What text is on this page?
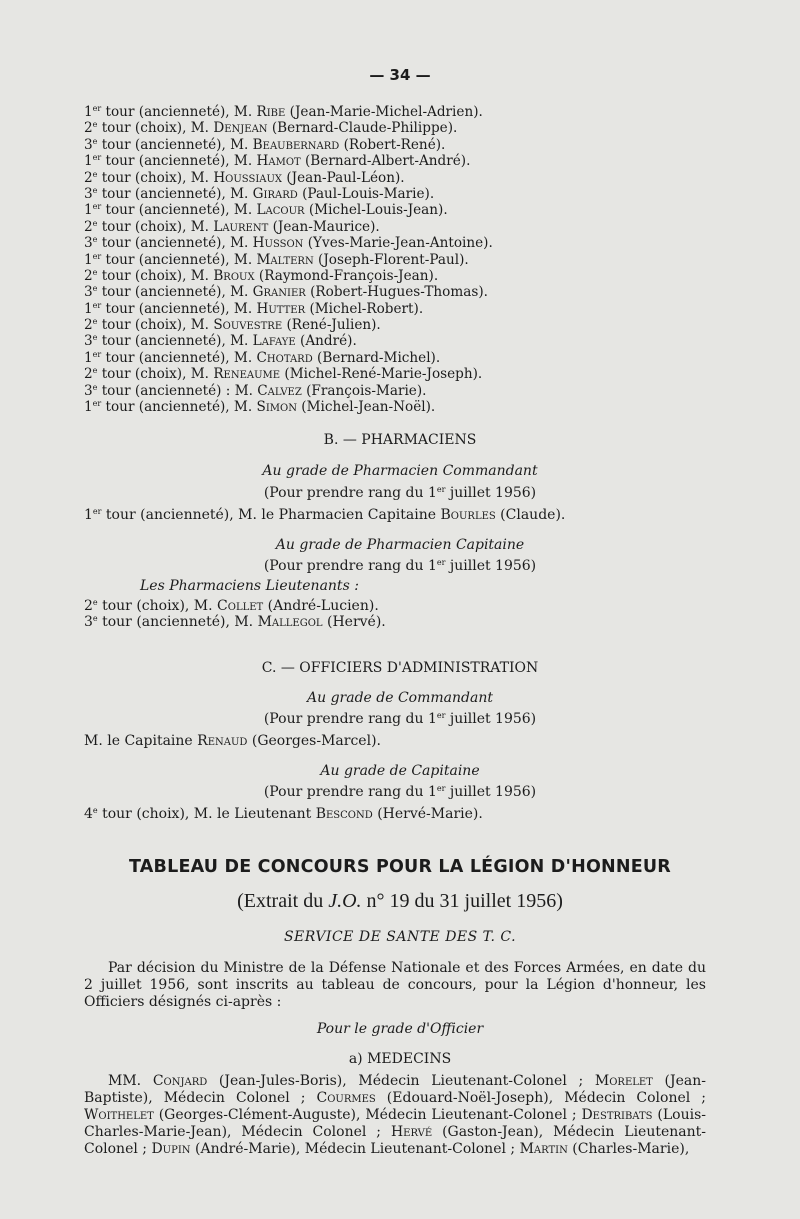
— 34 —
1er tour (ancienneté), M. Ribe (Jean-Marie-Michel-Adrien).
2e tour (choix), M. Denjean (Bernard-Claude-Philippe).
3e tour (ancienneté), M. Beaubernard (Robert-René).
1er tour (ancienneté), M. Hamot (Bernard-Albert-André).
2e tour (choix), M. Houssiaux (Jean-Paul-Léon).
3e tour (ancienneté), M. Girard (Paul-Louis-Marie).
1er tour (ancienneté), M. Lacour (Michel-Louis-Jean).
2e tour (choix), M. Laurent (Jean-Maurice).
3e tour (ancienneté), M. Husson (Yves-Marie-Jean-Antoine).
1er tour (ancienneté), M. Maltern (Joseph-Florent-Paul).
2e tour (choix), M. Broux (Raymond-François-Jean).
3e tour (ancienneté), M. Granier (Robert-Hugues-Thomas).
1er tour (ancienneté), M. Hutter (Michel-Robert).
2e tour (choix), M. Souvestre (René-Julien).
3e tour (ancienneté), M. Lafaye (André).
1er tour (ancienneté), M. Chotard (Bernard-Michel).
2e tour (choix), M. Reneaume (Michel-René-Marie-Joseph).
3e tour (ancienneté) : M. Calvez (François-Marie).
1er tour (ancienneté), M. Simon (Michel-Jean-Noël).
B. — PHARMACIENS
Au grade de Pharmacien Commandant
(Pour prendre rang du 1er juillet 1956)
1er tour (ancienneté), M. le Pharmacien Capitaine Bourles (Claude).
Au grade de Pharmacien Capitaine
(Pour prendre rang du 1er juillet 1956)
Les Pharmaciens Lieutenants :
2e tour (choix), M. Collet (André-Lucien).
3e tour (ancienneté), M. Mallegol (Hervé).
C. — OFFICIERS D'ADMINISTRATION
Au grade de Commandant
(Pour prendre rang du 1er juillet 1956)
M. le Capitaine Renaud (Georges-Marcel).
Au grade de Capitaine
(Pour prendre rang du 1er juillet 1956)
4e tour (choix), M. le Lieutenant Bescond (Hervé-Marie).
TABLEAU DE CONCOURS POUR LA LÉGION D'HONNEUR
(Extrait du J.O. n° 19 du 31 juillet 1956)
SERVICE DE SANTE DES T. C.
Par décision du Ministre de la Défense Nationale et des Forces Armées, en date du 2 juillet 1956, sont inscrits au tableau de concours, pour la Légion d'honneur, les Officiers désignés ci-après :
Pour le grade d'Officier
a) MEDECINS
MM. Conjard (Jean-Jules-Boris), Médecin Lieutenant-Colonel ; Morelet (Jean-Baptiste), Médecin Colonel ; Courmes (Edouard-Noël-Joseph), Médecin Colonel ; Woithelet (Georges-Clément-Auguste), Médecin Lieutenant-Colonel ; Destribats (Louis-Charles-Marie-Jean), Médecin Colonel ; Hervé (Gaston-Jean), Médecin Lieutenant-Colonel ; Dupin (André-Marie), Médecin Lieutenant-Colonel ; Martin (Charles-Marie),
